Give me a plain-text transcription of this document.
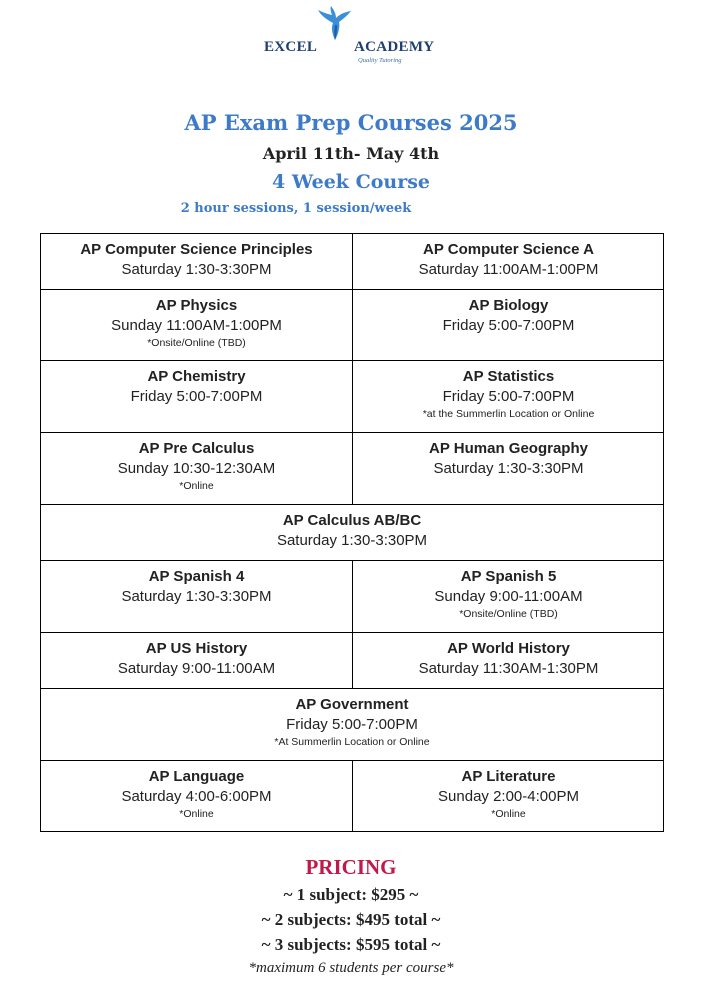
EXCEL ACADEMY
Quality Tutoring
AP Exam Prep Courses 2025
April 11th- May 4th
4 Week Course
2 hour sessions, 1 session/week
AP Computer Science Principles
Saturday 1:30-3:30PM
AP Computer Science A
Saturday 11:00AM-1:00PM
AP Physics
Sunday 11:00AM-1:00PM
*Onsite/Online (TBD)
AP Biology
Friday 5:00-7:00PM
AP Chemistry
Friday 5:00-7:00PM
AP Statistics
Friday 5:00-7:00PM
*at the Summerlin Location or Online
AP Pre Calculus
Sunday 10:30-12:30AM
*Online
AP Human Geography
Saturday 1:30-3:30PM
AP Calculus AB/BC
Saturday 1:30-3:30PM
AP Spanish 4
Saturday 1:30-3:30PM
AP Spanish 5
Sunday 9:00-11:00AM
*Onsite/Online (TBD)
AP US History
Saturday 9:00-11:00AM
AP World History
Saturday 11:30AM-1:30PM
AP Government
Friday 5:00-7:00PM
*At Summerlin Location or Online
AP Language
Saturday 4:00-6:00PM
*Online
AP Literature
Sunday 2:00-4:00PM
*Online
PRICING
~ 1 subject: $295 ~
~ 2 subjects: $495 total ~
~ 3 subjects: $595 total ~
*maximum 6 students per course*
